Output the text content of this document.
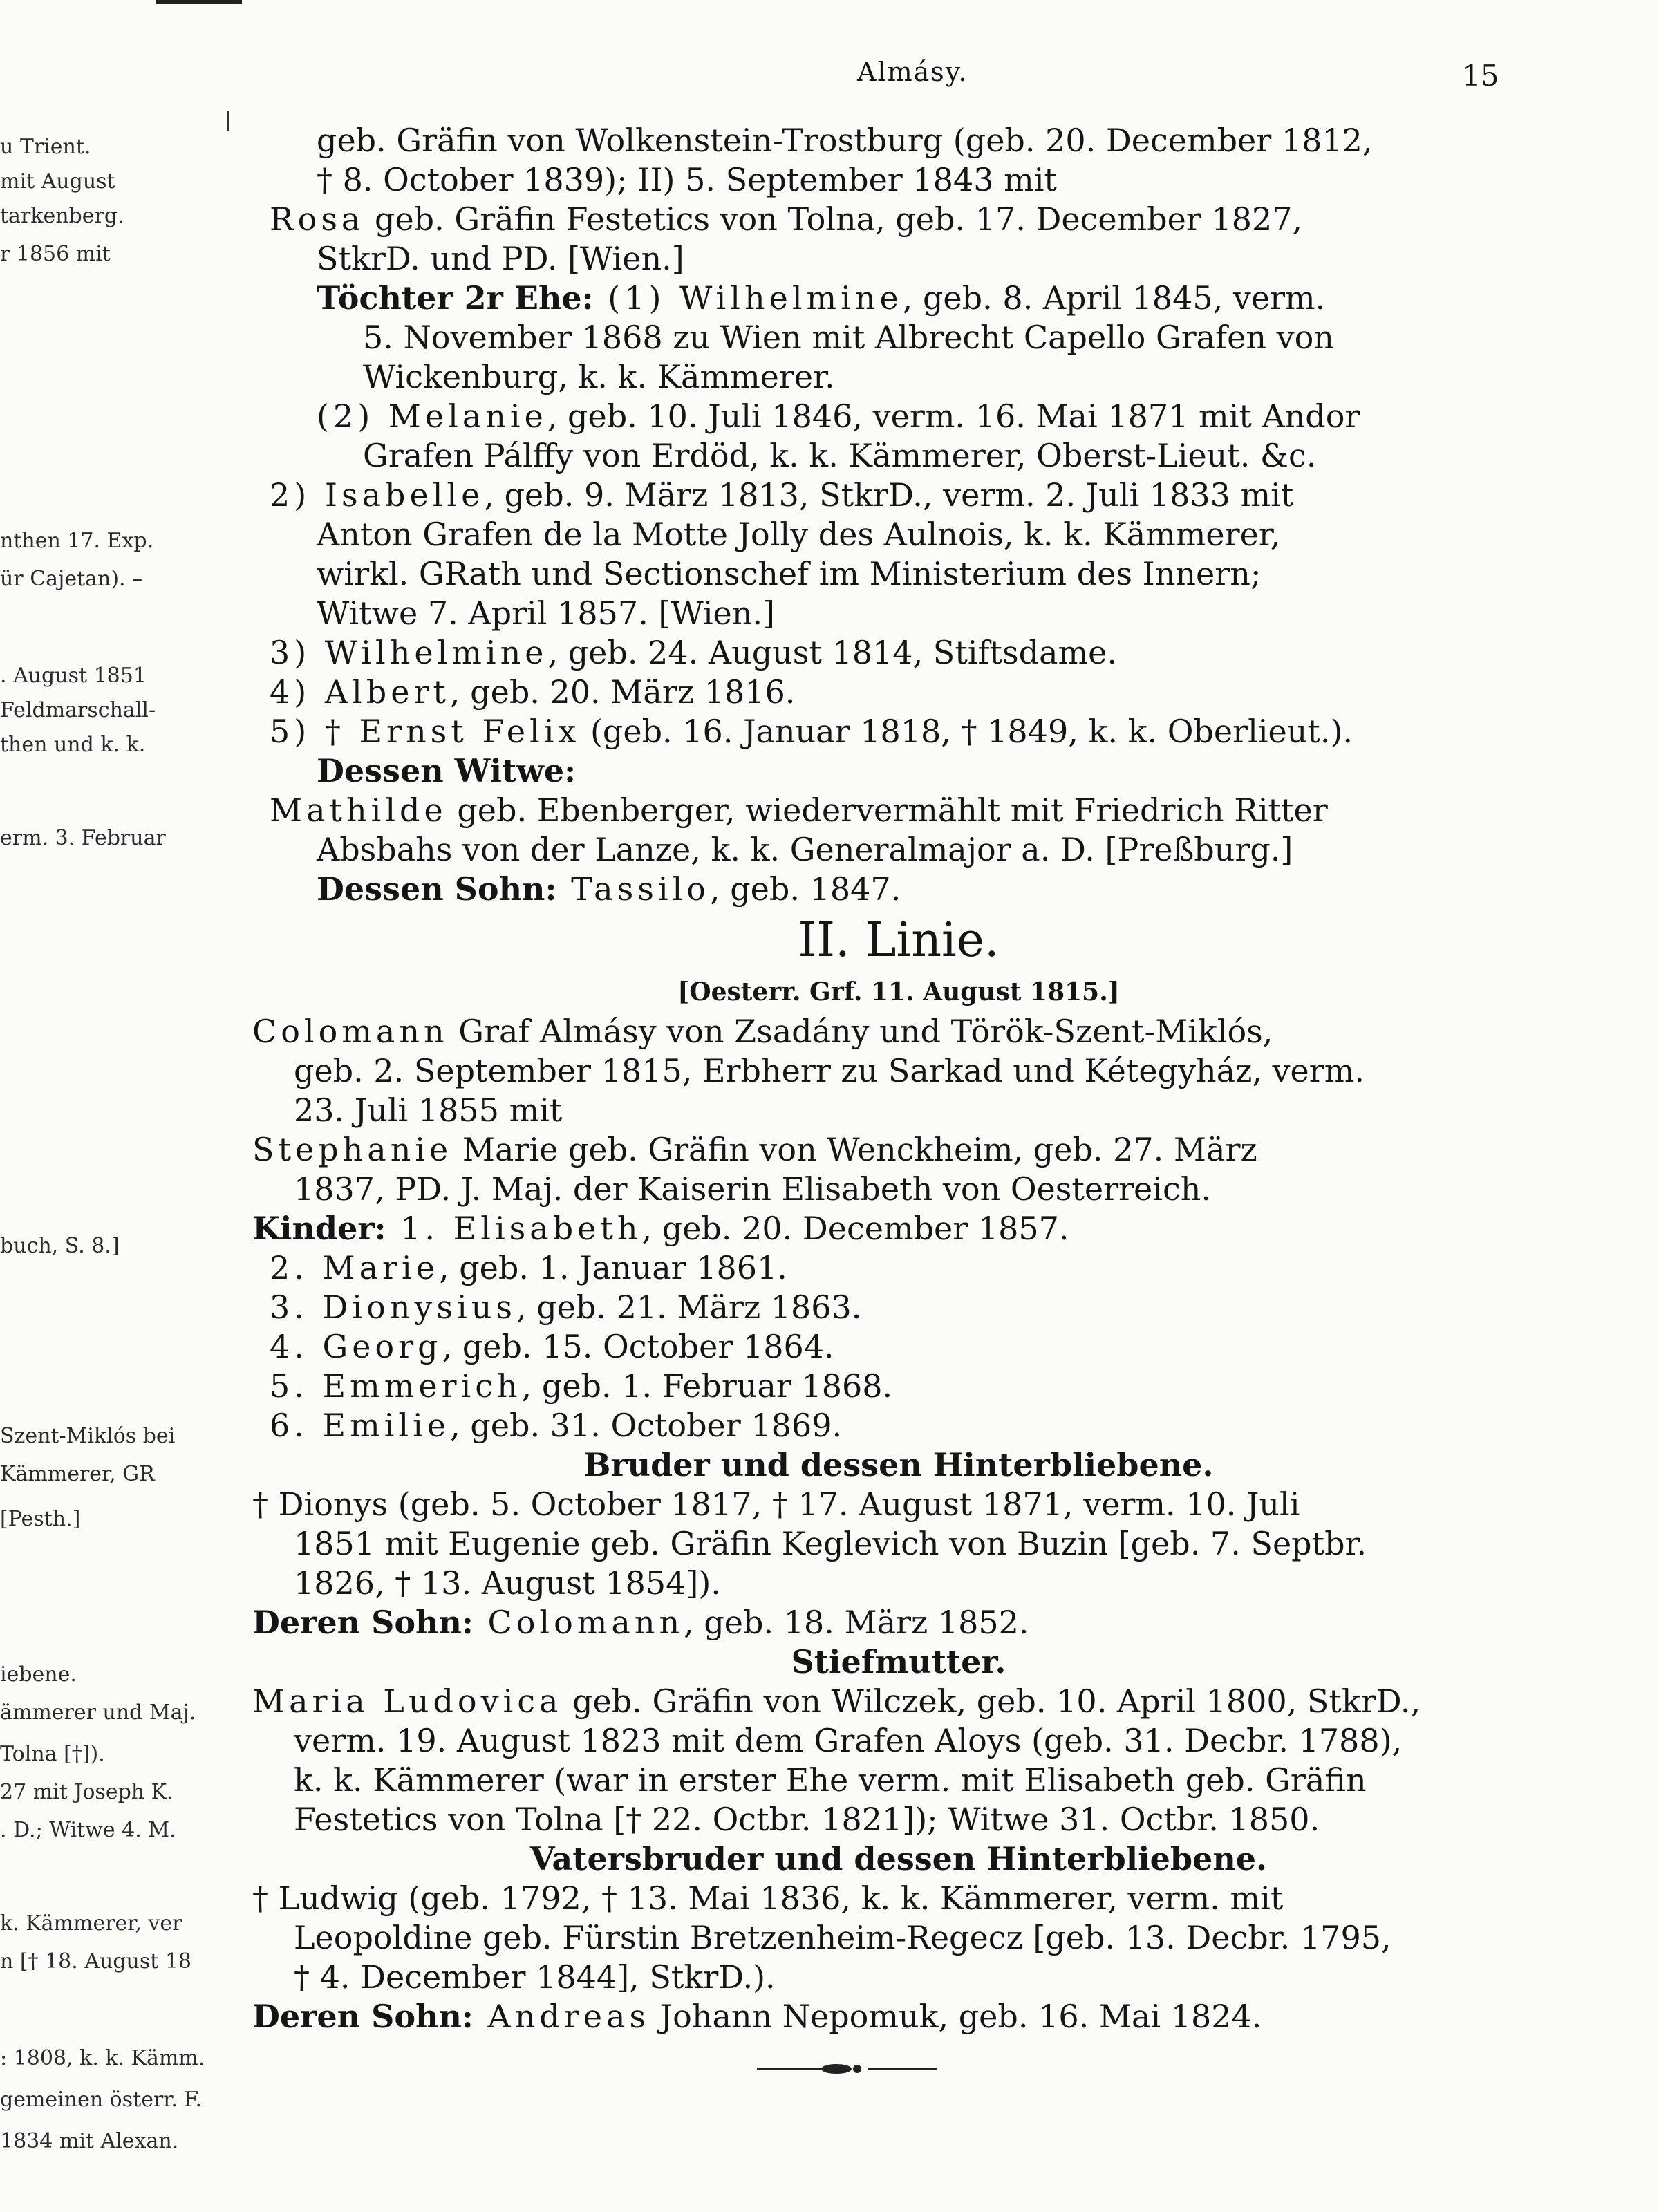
u Trient.
mit August
tarkenberg.
r 1856 mit
nthen 17. Exp.
ür Cajetan). –
. August 1851
Feldmarschall-
then und k. k.
erm. 3. Februar
buch, S. 8.]
Szent-Miklós bei
Kämmerer, GR
[Pesth.]
iebene.
ämmerer und Maj.
Tolna [†]).
27 mit Joseph K.
. D.; Witwe 4. M.
k. Kämmerer, ver
n [† 18. August 18
: 1808, k. k. Kämm.
gemeinen österr. F.
1834 mit Alexan.
Almásy.	15
geb. Gräfin von Wolkenstein-Trostburg (geb. 20. December 1812,
† 8. October 1839); II) 5. September 1843 mit
Rosa geb. Gräfin Festetics von Tolna, geb. 17. December 1827,
StkrD. und PD. [Wien.]
Töchter 2r Ehe: (1) Wilhelmine, geb. 8. April 1845, verm.
5. November 1868 zu Wien mit Albrecht Capello Grafen von
Wickenburg, k. k. Kämmerer.
(2) Melanie, geb. 10. Juli 1846, verm. 16. Mai 1871 mit Andor
Grafen Pálffy von Erdöd, k. k. Kämmerer, Oberst-Lieut. &c.
2) Isabelle, geb. 9. März 1813, StkrD., verm. 2. Juli 1833 mit
Anton Grafen de la Motte Jolly des Aulnois, k. k. Kämmerer,
wirkl. GRath und Sectionschef im Ministerium des Innern;
Witwe 7. April 1857. [Wien.]
3) Wilhelmine, geb. 24. August 1814, Stiftsdame.
4) Albert, geb. 20. März 1816.
5) † Ernst Felix (geb. 16. Januar 1818, † 1849, k. k. Oberlieut.).
Dessen Witwe:
Mathilde geb. Ebenberger, wiedervermählt mit Friedrich Ritter
Absbahs von der Lanze, k. k. Generalmajor a. D. [Preßburg.]
Dessen Sohn: Tassilo, geb. 1847.
II. Linie.
[Oesterr. Grf. 11. August 1815.]
Colomann Graf Almásy von Zsadány und Török-Szent-Miklós,
geb. 2. September 1815, Erbherr zu Sarkad und Kétegyház, verm.
23. Juli 1855 mit
Stephanie Marie geb. Gräfin von Wenckheim, geb. 27. März
1837, PD. J. Maj. der Kaiserin Elisabeth von Oesterreich.
Kinder: 1. Elisabeth, geb. 20. December 1857.
2. Marie, geb. 1. Januar 1861.
3. Dionysius, geb. 21. März 1863.
4. Georg, geb. 15. October 1864.
5. Emmerich, geb. 1. Februar 1868.
6. Emilie, geb. 31. October 1869.
Bruder und dessen Hinterbliebene.
† Dionys (geb. 5. October 1817, † 17. August 1871, verm. 10. Juli
1851 mit Eugenie geb. Gräfin Keglevich von Buzin [geb. 7. Septbr.
1826, † 13. August 1854]).
Deren Sohn: Colomann, geb. 18. März 1852.
Stiefmutter.
Maria Ludovica geb. Gräfin von Wilczek, geb. 10. April 1800, StkrD.,
verm. 19. August 1823 mit dem Grafen Aloys (geb. 31. Decbr. 1788),
k. k. Kämmerer (war in erster Ehe verm. mit Elisabeth geb. Gräfin
Festetics von Tolna [† 22. Octbr. 1821]); Witwe 31. Octbr. 1850.
Vatersbruder und dessen Hinterbliebene.
† Ludwig (geb. 1792, † 13. Mai 1836, k. k. Kämmerer, verm. mit
Leopoldine geb. Fürstin Bretzenheim-Regecz [geb. 13. Decbr. 1795,
† 4. December 1844], StkrD.).
Deren Sohn: Andreas Johann Nepomuk, geb. 16. Mai 1824.
